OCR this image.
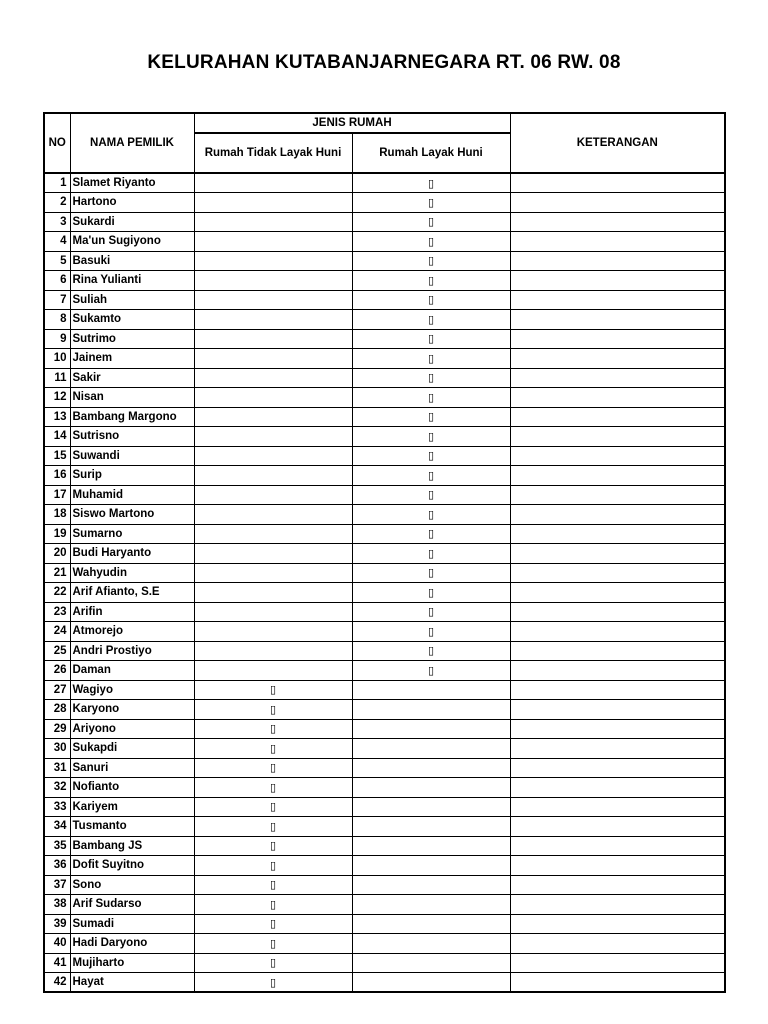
KELURAHAN KUTABANJARNEGARA RT. 06 RW. 08
NO	NAMA PEMILIK	JENIS RUMAH		KETERANGAN
		Rumah Tidak Layak Huni	Rumah Layak Huni	
1	Slamet Riyanto		▯	
2	Hartono		▯	
3	Sukardi		▯	
4	Ma'un Sugiyono		▯	
5	Basuki		▯	
6	Rina Yulianti		▯	
7	Suliah		▯	
8	Sukamto		▯	
9	Sutrimo		▯	
10	Jainem		▯	
11	Sakir		▯	
12	Nisan		▯	
13	Bambang Margono		▯	
14	Sutrisno		▯	
15	Suwandi		▯	
16	Surip		▯	
17	Muhamid		▯	
18	Siswo Martono		▯	
19	Sumarno		▯	
20	Budi Haryanto		▯	
21	Wahyudin		▯	
22	Arif Afianto, S.E		▯	
23	Arifin		▯	
24	Atmorejo		▯	
25	Andri Prostiyo		▯	
26	Daman		▯	
27	Wagiyo	▯		
28	Karyono	▯		
29	Ariyono	▯		
30	Sukapdi	▯		
31	Sanuri	▯		
32	Nofianto	▯		
33	Kariyem	▯		
34	Tusmanto	▯		
35	Bambang JS	▯		
36	Dofit Suyitno	▯		
37	Sono	▯		
38	Arif Sudarso	▯		
39	Sumadi	▯		
40	Hadi Daryono	▯		
41	Mujiharto	▯		
42	Hayat	▯		
